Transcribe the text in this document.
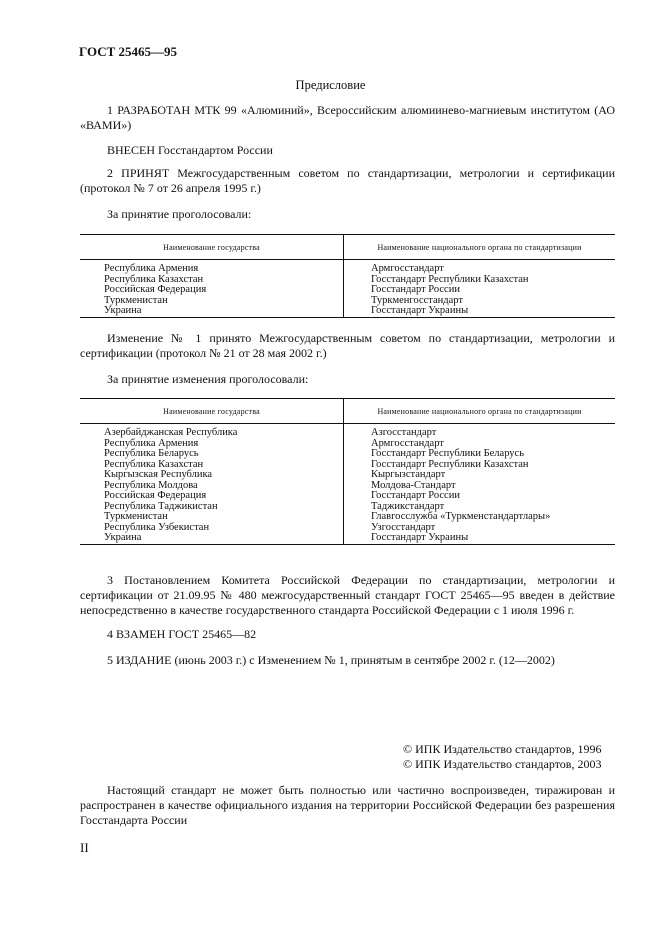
ГОСТ 25465—95
Предисловие
1 РАЗРАБОТАН МТК 99 «Алюминий», Всероссийским алюмииневo-магниевым институтом (АО «ВАМИ»)
ВНЕСЕН Госстандартом России
2 ПРИНЯТ Межгосударственным советом по стандартизации, метрологии и сертификации (протокол № 7 от 26 апреля 1995 г.)
За принятие проголосовали:
Наименование государства	Наименование национального органа по стандартизации
Республика Армения	Армгосстандарт
Республика Казахстан	Госстандарт Республики Казахстан
Российская Федерация	Госстандарт России
Туркменистан	Туркменгосстандарт
Украина	Госстандарт Украины
Изменение № 1 принято Межгосударственным советом по стандартизации, метрологии и сертификации (протокол № 21 от 28 мая 2002 г.)
За принятие изменения проголосовали:
Наименование государства	Наименование национального органа по стандартизации
Азербайджанская Республика	Азгосстандарт
Республика Армения	Армгосстандарт
Республика Беларусь	Госстандарт Республики Беларусь
Республика Казахстан	Госстандарт Республики Казахстан
Кыргызская Республика	Кыргызстандарт
Республика Молдова	Молдова-Стандарт
Российская Федерация	Госстандарт России
Республика Таджикистан	Таджикстандарт
Туркменистан	Главгосслужба «Туркменстандартлары»
Республика Узбекистан	Узгосстандарт
Украина	Госстандарт Украины
3 Постановлением Комитета Российской Федерации по стандартизации, метрологии и сертификации от 21.09.95 № 480 межгосударственный стандарт ГОСТ 25465—95 введен в действие непосредственно в качестве государственного стандарта Российской Федерации с 1 июля 1996 г.
4 ВЗАМЕН ГОСТ 25465—82
5 ИЗДАНИЕ (июнь 2003 г.) с Изменением № 1, принятым в сентябре 2002 г. (12—2002)
© ИПК Издательство стандартов, 1996
© ИПК Издательство стандартов, 2003
Настоящий стандарт не может быть полностью или частично воспроизведен, тиражирован и распространен в качестве официального издания на территории Российской Федерации без разрешения Госстандарта России
II
